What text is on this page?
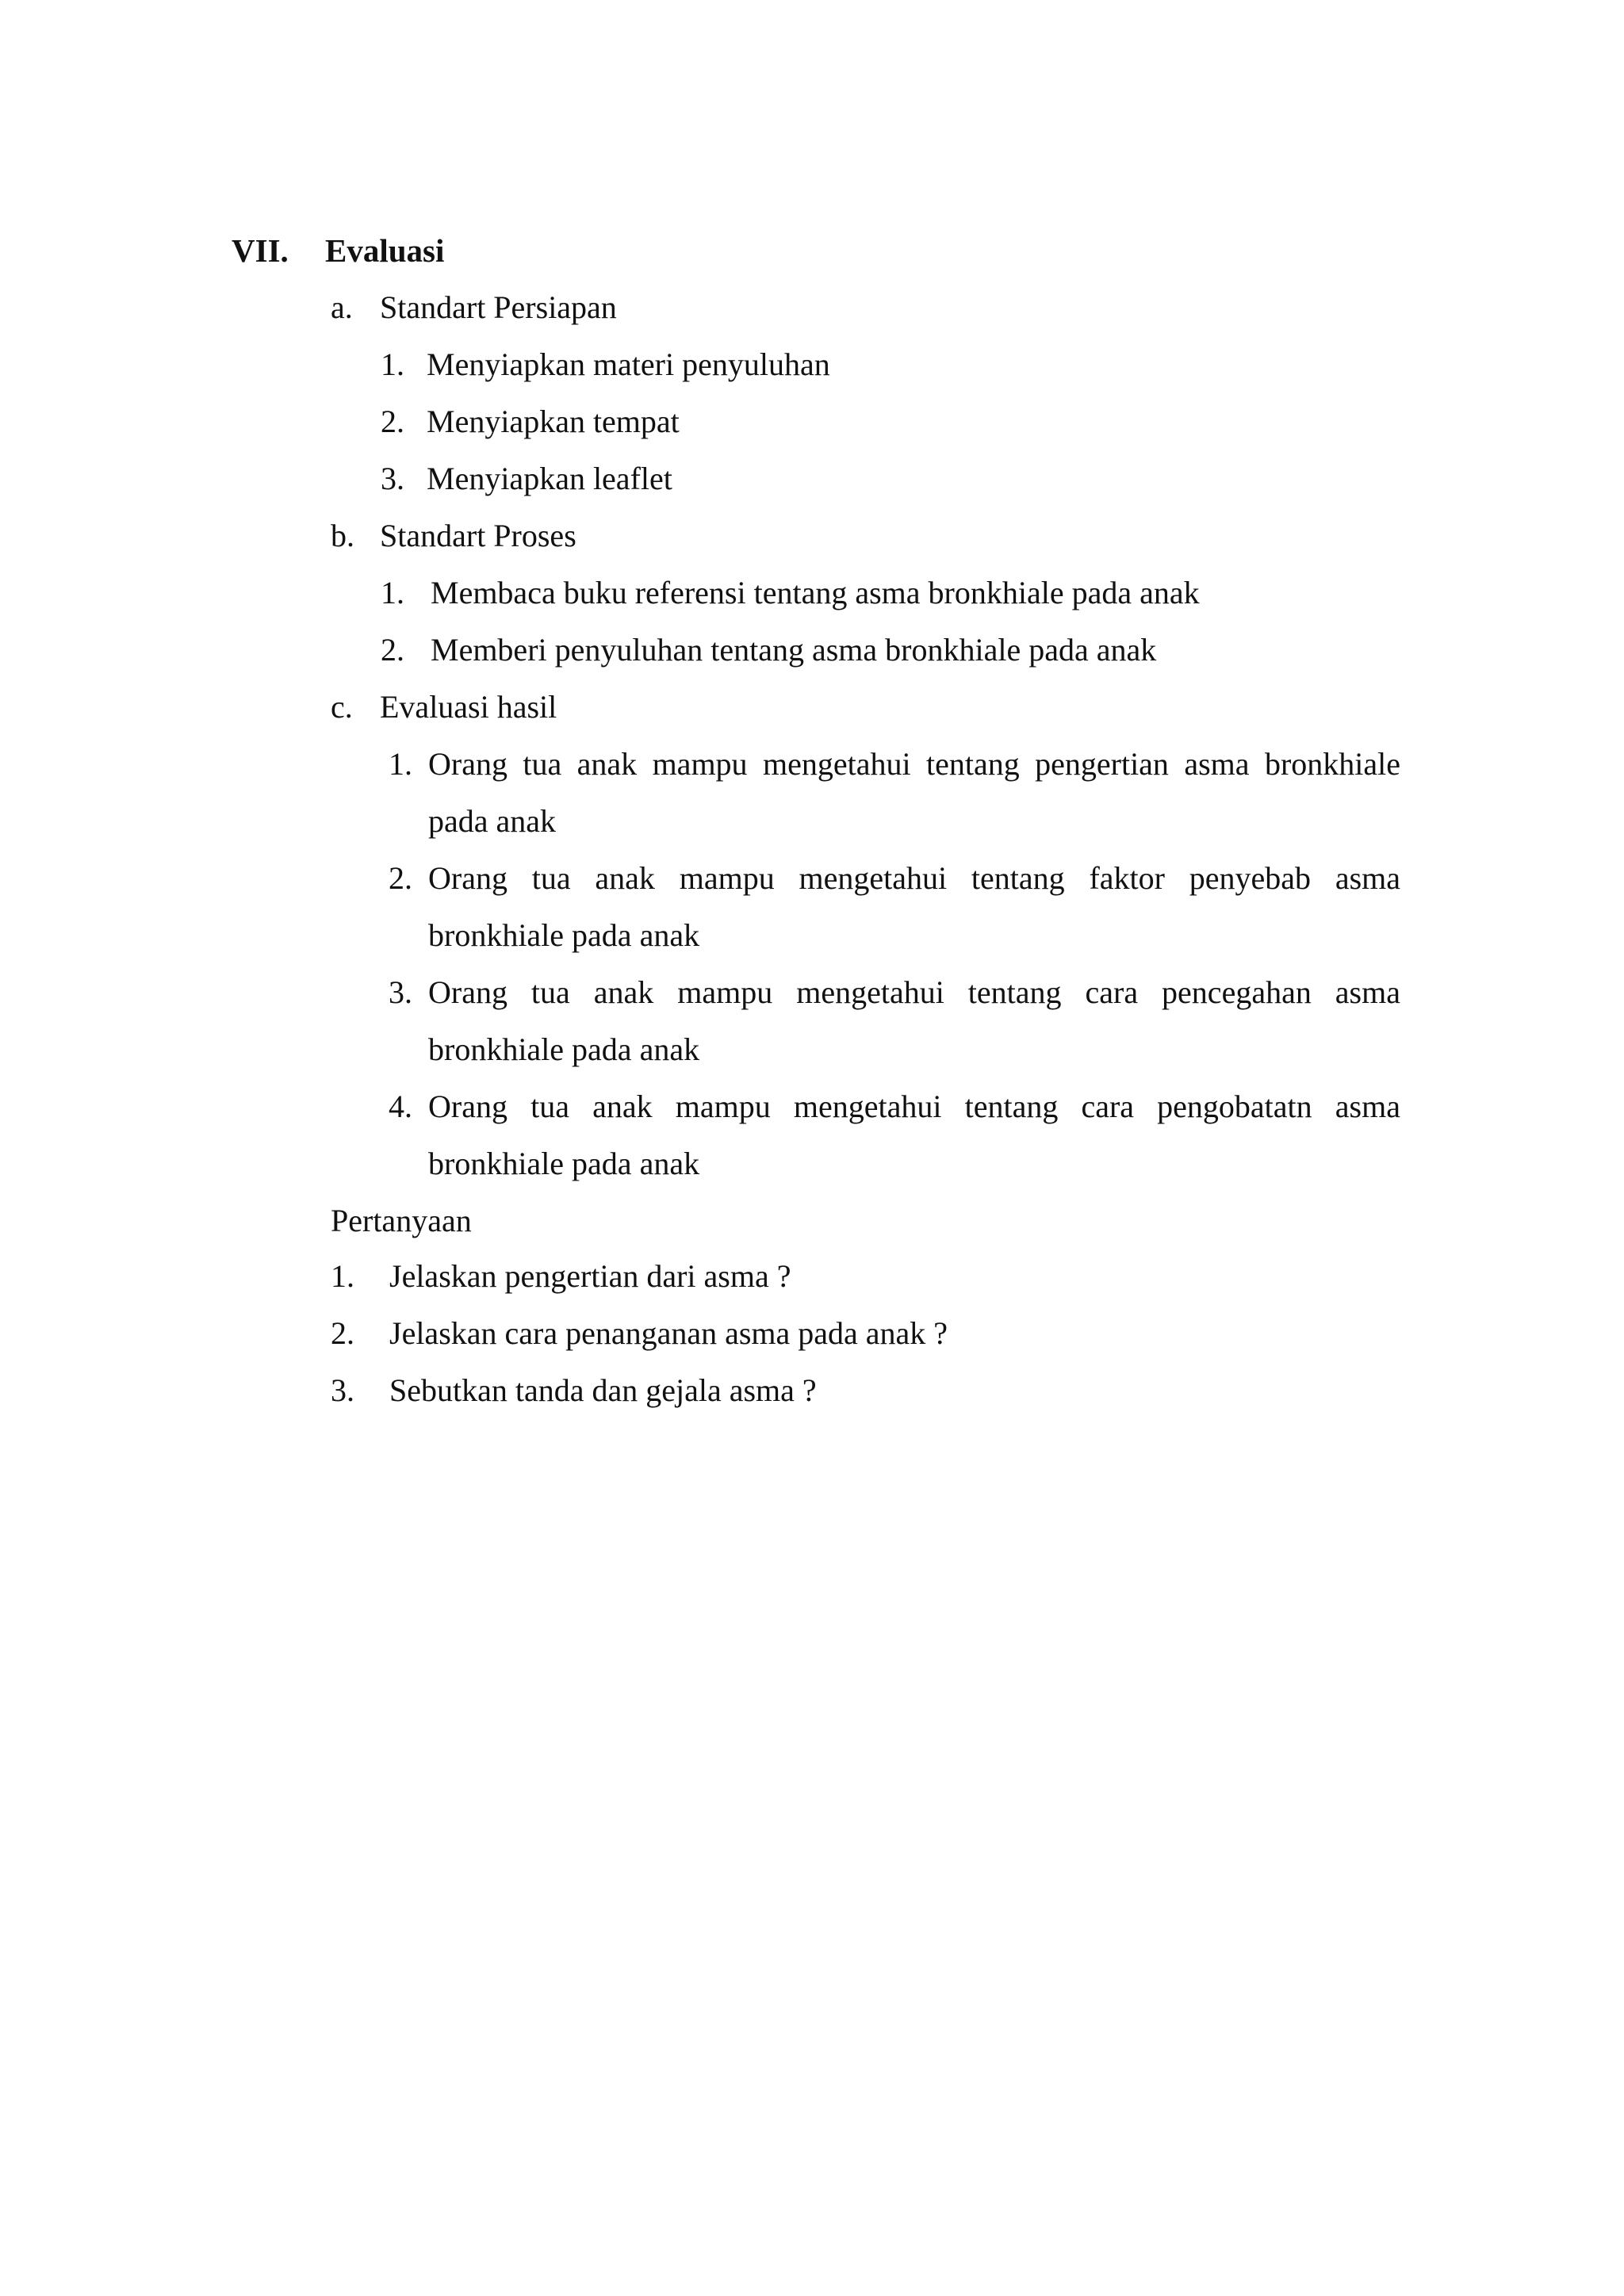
VII.	Evaluasi
a. Standart Persiapan
1. Menyiapkan materi penyuluhan
2. Menyiapkan tempat
3. Menyiapkan leaflet
b. Standart Proses
1. Membaca buku referensi tentang asma bronkhiale pada anak
2. Memberi penyuluhan tentang asma bronkhiale pada anak
c. Evaluasi hasil
1. Orang tua anak mampu mengetahui tentang pengertian asma bronkhiale
pada anak
2. Orang tua anak mampu mengetahui tentang faktor penyebab asma
bronkhiale pada anak
3. Orang tua anak mampu mengetahui tentang cara pencegahan asma
bronkhiale pada anak
4. Orang tua anak mampu mengetahui tentang cara pengobatatn asma
bronkhiale pada anak
Pertanyaan
1. Jelaskan pengertian dari asma ?
2. Jelaskan cara penanganan asma pada anak ?
3. Sebutkan tanda dan gejala asma ?
